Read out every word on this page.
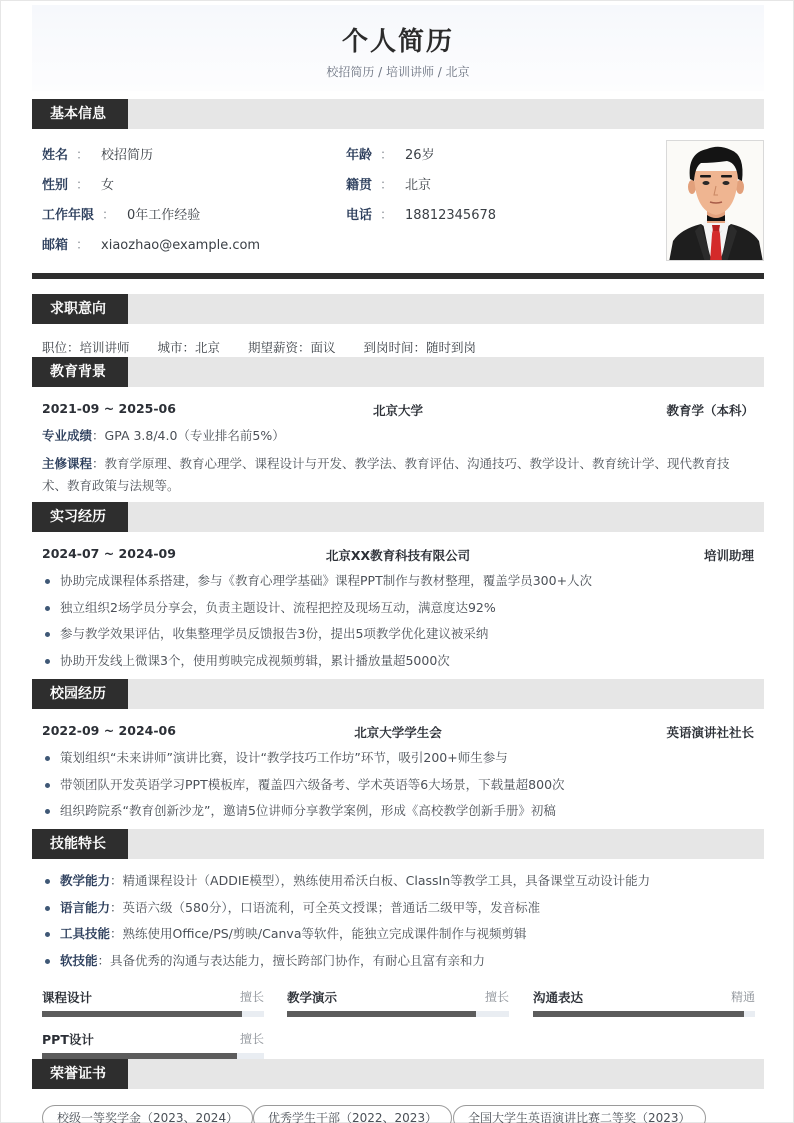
个人简历
校招简历 / 培训讲师 / 北京
基本信息
姓名 ： 校招简历
性别 ： 女
工作年限 ： 0年工作经验
邮箱 ： xiaozhao@example.com
年龄 ： 26岁
籍贯 ： 北京
电话 ： 18812345678
求职意向
职位：培训讲师 城市：北京 期望薪资：面议 到岗时间：随时到岗
教育背景
北京大学
2021-09 ~ 2025-06	教育学（本科）
专业成绩：GPA 3.8/4.0（专业排名前5%）
主修课程：教育学原理、教育心理学、课程设计与开发、教学法、教育评估、沟通技巧、教学设计、教育统计学、现代教育技术、教育政策与法规等。
实习经历
北京XX教育科技有限公司
2024-07 ~ 2024-09	培训助理
协助完成课程体系搭建，参与《教育心理学基础》课程PPT制作与教材整理，覆盖学员300+人次
独立组织2场学员分享会，负责主题设计、流程把控及现场互动，满意度达92%
参与教学效果评估，收集整理学员反馈报告3份，提出5项教学优化建议被采纳
协助开发线上微课3个，使用剪映完成视频剪辑，累计播放量超5000次
校园经历
北京大学学生会
2022-09 ~ 2024-06	英语演讲社社长
策划组织“未来讲师”演讲比赛，设计“教学技巧工作坊”环节，吸引200+师生参与
带领团队开发英语学习PPT模板库，覆盖四六级备考、学术英语等6大场景，下载量超800次
组织跨院系“教育创新沙龙”，邀请5位讲师分享教学案例，形成《高校教学创新手册》初稿
技能特长
教学能力：精通课程设计（ADDIE模型），熟练使用希沃白板、ClassIn等教学工具，具备课堂互动设计能力
语言能力：英语六级（580分），口语流利，可全英文授课；普通话二级甲等，发音标准
工具技能：熟练使用Office/PS/剪映/Canva等软件，能独立完成课件制作与视频剪辑
软技能：具备优秀的沟通与表达能力，擅长跨部门协作，有耐心且富有亲和力
课程设计	擅长 教学演示	擅长 沟通表达	精通
PPT设计	擅长
荣誉证书
校级一等奖学金（2023、2024）	优秀学生干部（2022、2023）	全国大学生英语演讲比赛二等奖（2023）
